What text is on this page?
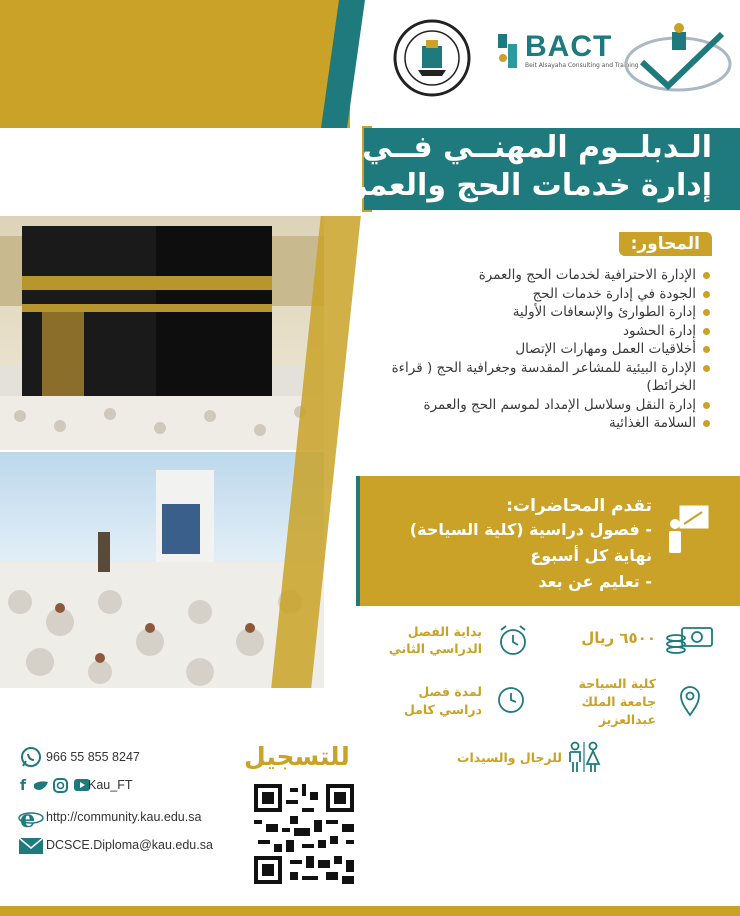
BACT
Beit Alsayaha Consulting and Training
الـدبلــوم المهنــي فــي
إدارة خدمات الحج والعمرة
المحاور:
الإدارة الاحترافية لخدمات الحج والعمرة
الجودة في إدارة خدمات الحج
إدارة الطوارئ والإسعافات الأولية
إدارة الحشود
أخلاقيات العمل ومهارات الإتصال
الإدارة البيئية للمشاعر المقدسة وجغرافية الحج ( قراءة الخرائط)
إدارة النقل وسلاسل الإمداد لموسم الحج والعمرة
السلامة الغذائية
تقدم المحاضرات:
- فصول دراسية (كلية السياحة)
نهاية كل أسبوع
- تعليم عن بعد
٦٥٠٠ ريال
بداية الفصل
الدراسي الثاني
كلية السياحة
جامعة الملك
عبدالعزيز
لمدة فصل
دراسي كامل
للرجال والسيدات
966 55 855 8247
f	Kau_FT
e http://community.kau.edu.sa
DCSCE.Diploma@kau.edu.sa
للتسجيل
